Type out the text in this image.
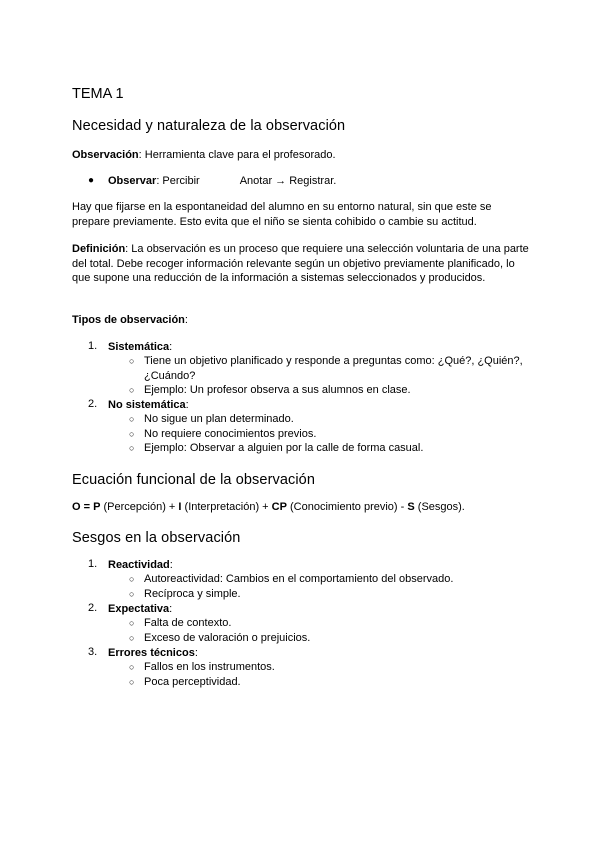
TEMA 1
Necesidad y naturaleza de la observación
Observación: Herramienta clave para el profesorado.
● Observar: Percibir	Anotar → Registrar.
Hay que fijarse en la espontaneidad del alumno en su entorno natural, sin que este se prepare previamente. Esto evita que el niño se sienta cohibido o cambie su actitud.
Definición: La observación es un proceso que requiere una selección voluntaria de una parte del total. Debe recoger información relevante según un objetivo previamente planificado, lo que supone una reducción de la información a sistemas seleccionados y producidos.
Tipos de observación:
1. Sistemática:
○ Tiene un objetivo planificado y responde a preguntas como: ¿Qué?, ¿Quién?, ¿Cuándo?
○ Ejemplo: Un profesor observa a sus alumnos en clase.
2. No sistemática:
○ No sigue un plan determinado.
○ No requiere conocimientos previos.
○ Ejemplo: Observar a alguien por la calle de forma casual.
Ecuación funcional de la observación
O = P (Percepción) + I (Interpretación) + CP (Conocimiento previo) - S (Sesgos).
Sesgos en la observación
1. Reactividad:
○ Autoreactividad: Cambios en el comportamiento del observado.
○ Recíproca y simple.
2. Expectativa:
○ Falta de contexto.
○ Exceso de valoración o prejuicios.
3. Errores técnicos:
○ Fallos en los instrumentos.
○ Poca perceptividad.
